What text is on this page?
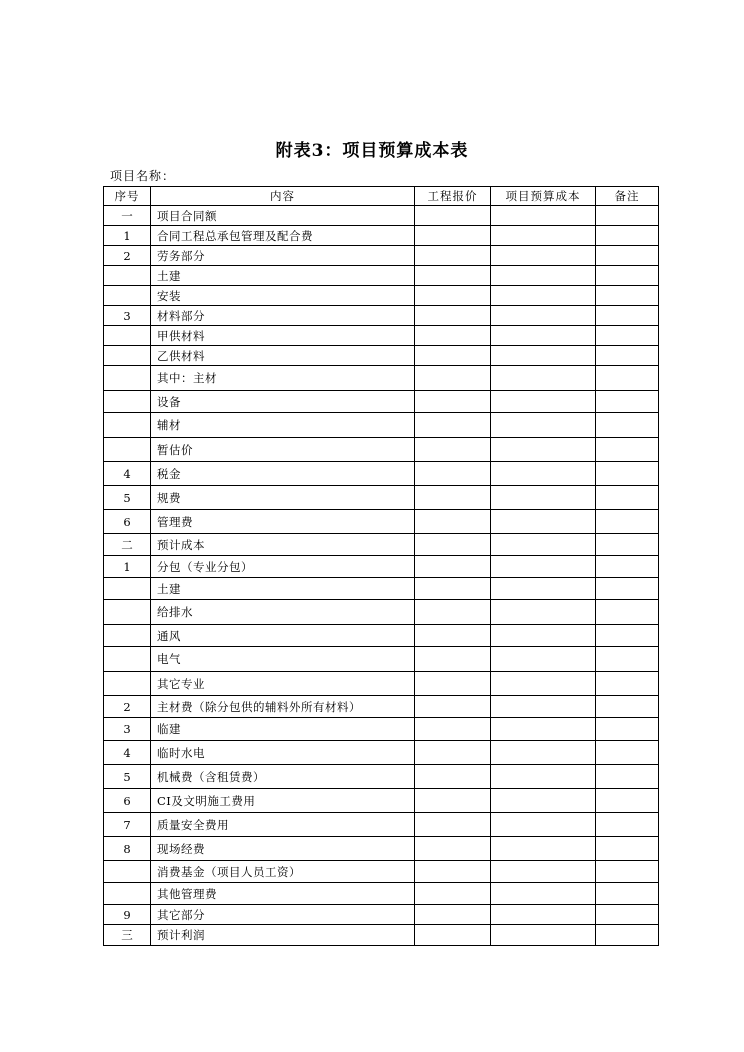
附表3：项目预算成本表
项目名称：
序号	内容	工程报价	项目预算成本	备注
一	项目合同额			
1	合同工程总承包管理及配合费			
2	劳务部分			
	土建			
	安装			
3	材料部分			
	甲供材料			
	乙供材料			
	其中：主材			
	设备			
	辅材			
	暂估价			
4	税金			
5	规费			
6	管理费			
二	预计成本			
1	分包（专业分包）			
	土建			
	给排水			
	通风			
	电气			
	其它专业			
2	主材费（除分包供的辅料外所有材料）			
3	临建			
4	临时水电			
5	机械费（含租赁费）			
6	CI及文明施工费用			
7	质量安全费用			
8	现场经费			
	消费基金（项目人员工资）			
	其他管理费			
9	其它部分			
三	预计利润			
